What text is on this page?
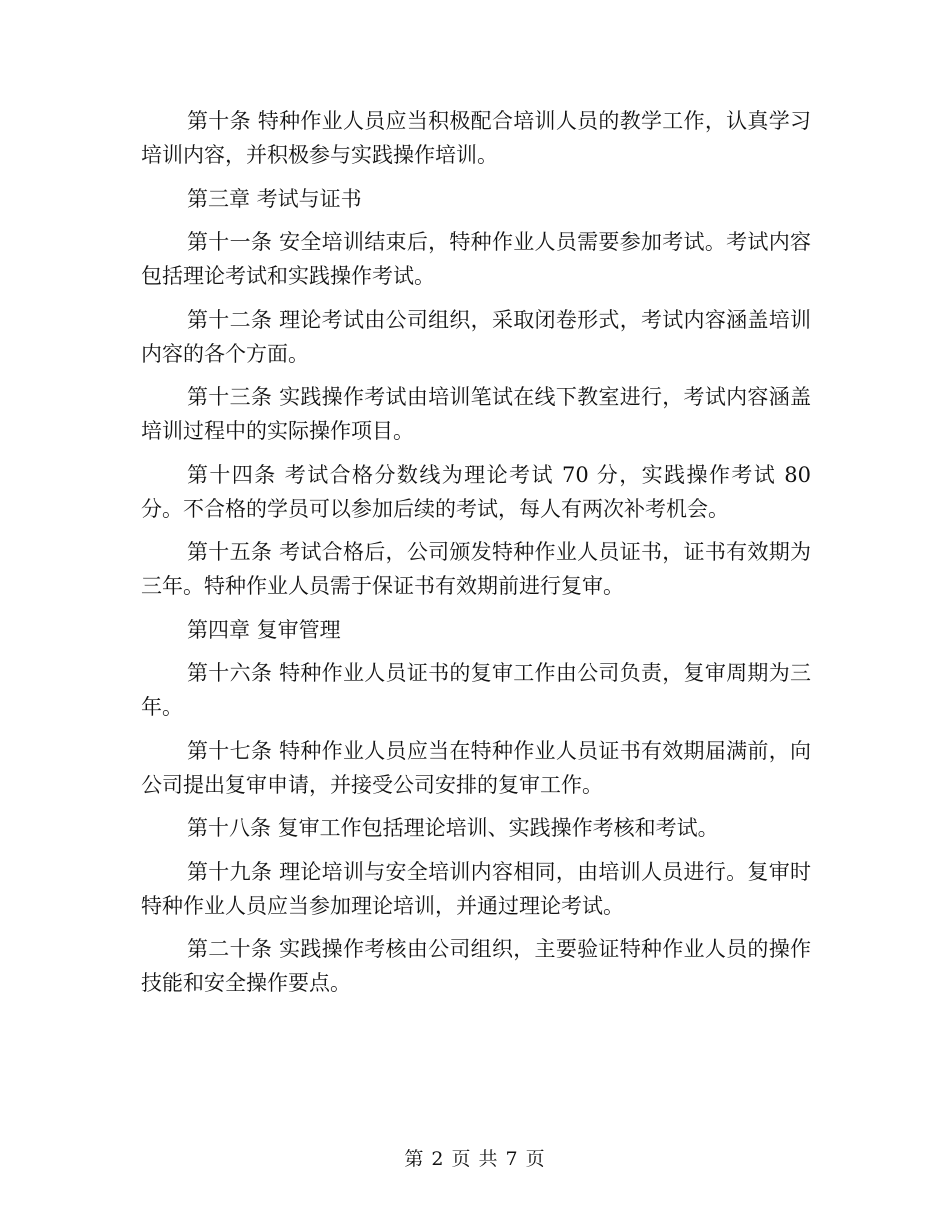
第十条 特种作业人员应当积极配合培训人员的教学工作，认真学习培训内容，并积极参与实践操作培训。

第三章 考试与证书

第十一条 安全培训结束后，特种作业人员需要参加考试。考试内容包括理论考试和实践操作考试。

第十二条 理论考试由公司组织，采取闭卷形式，考试内容涵盖培训内容的各个方面。

第十三条 实践操作考试由培训笔试在线下教室进行，考试内容涵盖培训过程中的实际操作项目。

第十四条 考试合格分数线为理论考试 70 分，实践操作考试 80 分。不合格的学员可以参加后续的考试，每人有两次补考机会。

第十五条 考试合格后，公司颁发特种作业人员证书，证书有效期为三年。特种作业人员需于保证书有效期前进行复审。

第四章 复审管理

第十六条 特种作业人员证书的复审工作由公司负责，复审周期为三年。

第十七条 特种作业人员应当在特种作业人员证书有效期届满前，向公司提出复审申请，并接受公司安排的复审工作。

第十八条 复审工作包括理论培训、实践操作考核和考试。

第十九条 理论培训与安全培训内容相同，由培训人员进行。复审时特种作业人员应当参加理论培训，并通过理论考试。

第二十条 实践操作考核由公司组织，主要验证特种作业人员的操作技能和安全操作要点。

第 2 页 共 7 页
